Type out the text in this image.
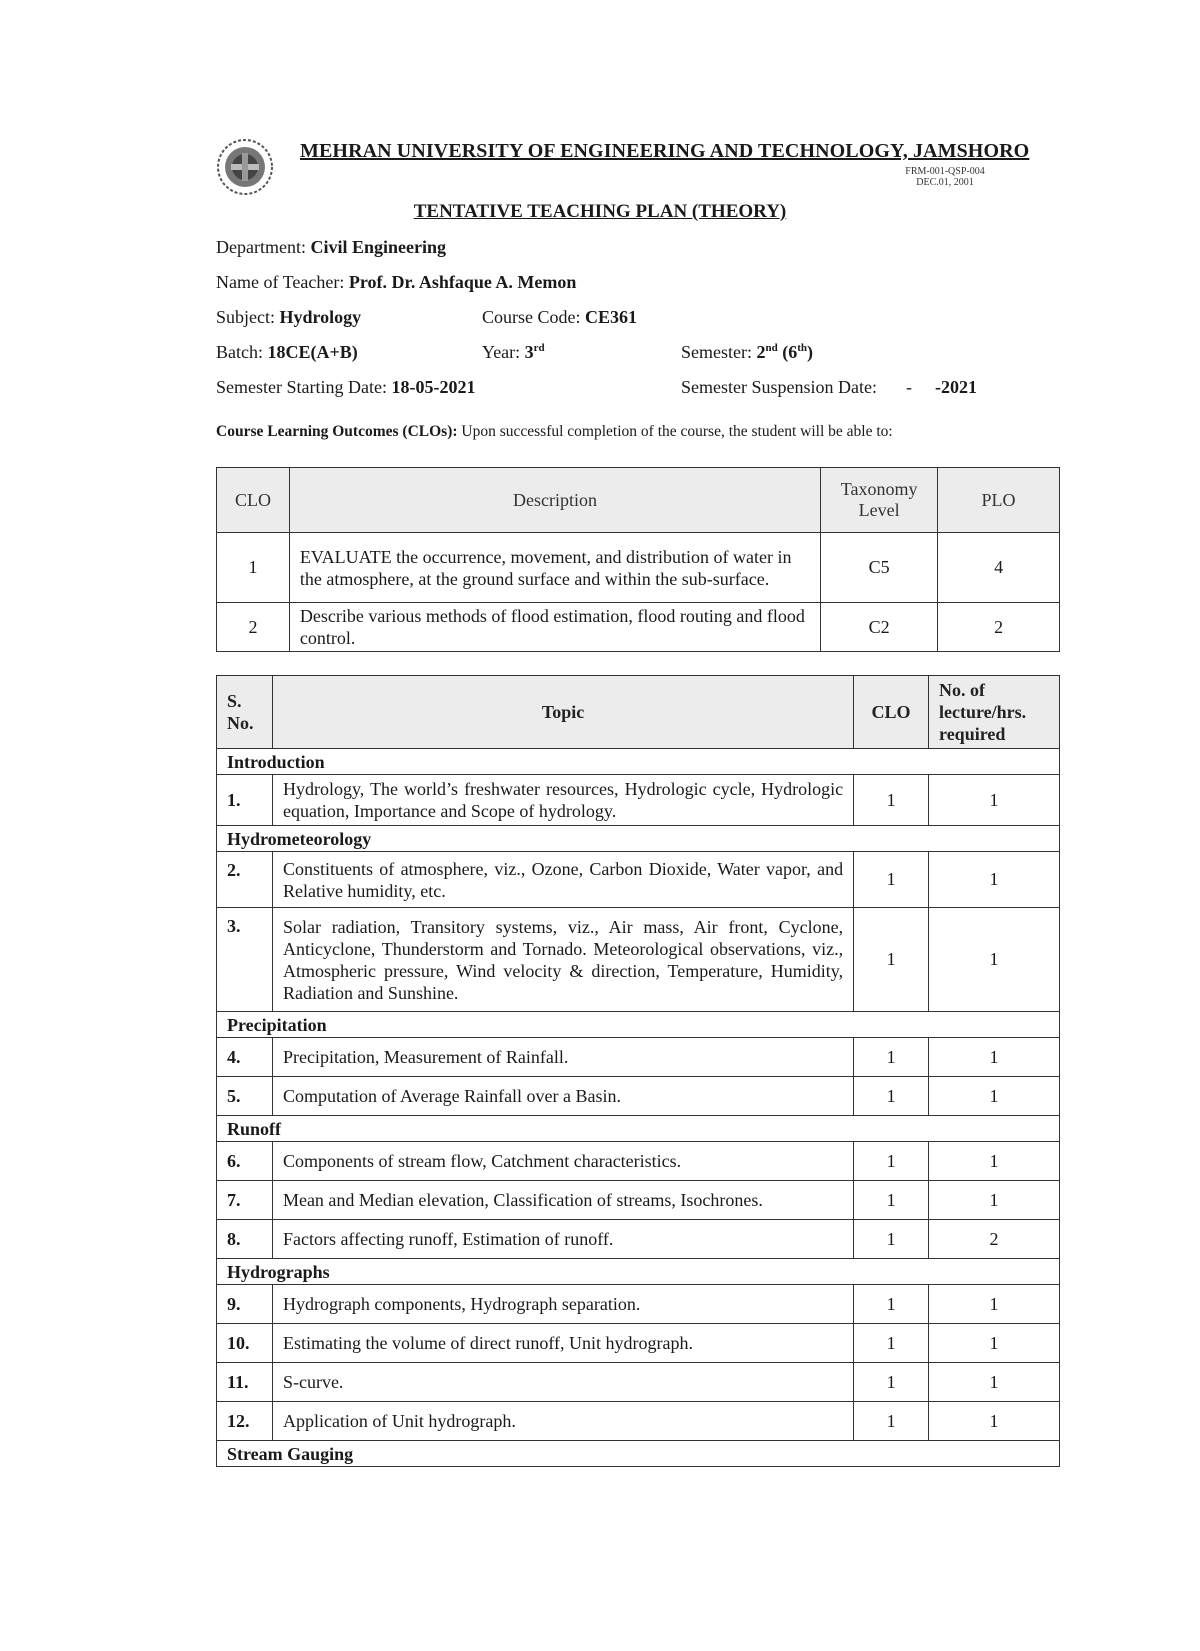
MEHRAN UNIVERSITY OF ENGINEERING AND TECHNOLOGY, JAMSHORO
FRM-001-QSP-004
DEC.01, 2001
TENTATIVE TEACHING PLAN (THEORY)
Department: Civil Engineering
Name of Teacher: Prof. Dr. Ashfaque A. Memon
Subject: Hydrology	Course Code: CE361
Batch: 18CE(A+B)	Year: 3rd	Semester: 2nd (6th)
Semester Starting Date: 18-05-2021	Semester Suspension Date: - -2021
Course Learning Outcomes (CLOs): Upon successful completion of the course, the student will be able to:
CLO	Description	Taxonomy Level	PLO
1	EVALUATE the occurrence, movement, and distribution of water in the atmosphere, at the ground surface and within the sub-surface.	C5	4
2	Describe various methods of flood estimation, flood routing and flood control.	C2	2
S. No.	Topic	CLO	No. of lecture/hrs. required
Introduction			
1.	Hydrology, The world’s freshwater resources, Hydrologic cycle, Hydrologic equation, Importance and Scope of hydrology.	1	1
Hydrometeorology			
2.	Constituents of atmosphere, viz., Ozone, Carbon Dioxide, Water vapor, and Relative humidity, etc.	1	1
3.	Solar radiation, Transitory systems, viz., Air mass, Air front, Cyclone, Anticyclone, Thunderstorm and Tornado. Meteorological observations, viz., Atmospheric pressure, Wind velocity & direction, Temperature, Humidity, Radiation and Sunshine.	1	1
Precipitation			
4.	Precipitation, Measurement of Rainfall.	1	1
5.	Computation of Average Rainfall over a Basin.	1	1
Runoff			
6.	Components of stream flow, Catchment characteristics.	1	1
7.	Mean and Median elevation, Classification of streams, Isochrones.	1	1
8.	Factors affecting runoff, Estimation of runoff.	1	2
Hydrographs			
9.	Hydrograph components, Hydrograph separation.	1	1
10.	Estimating the volume of direct runoff, Unit hydrograph.	1	1
11.	S-curve.	1	1
12.	Application of Unit hydrograph.	1	1
Stream Gauging			
